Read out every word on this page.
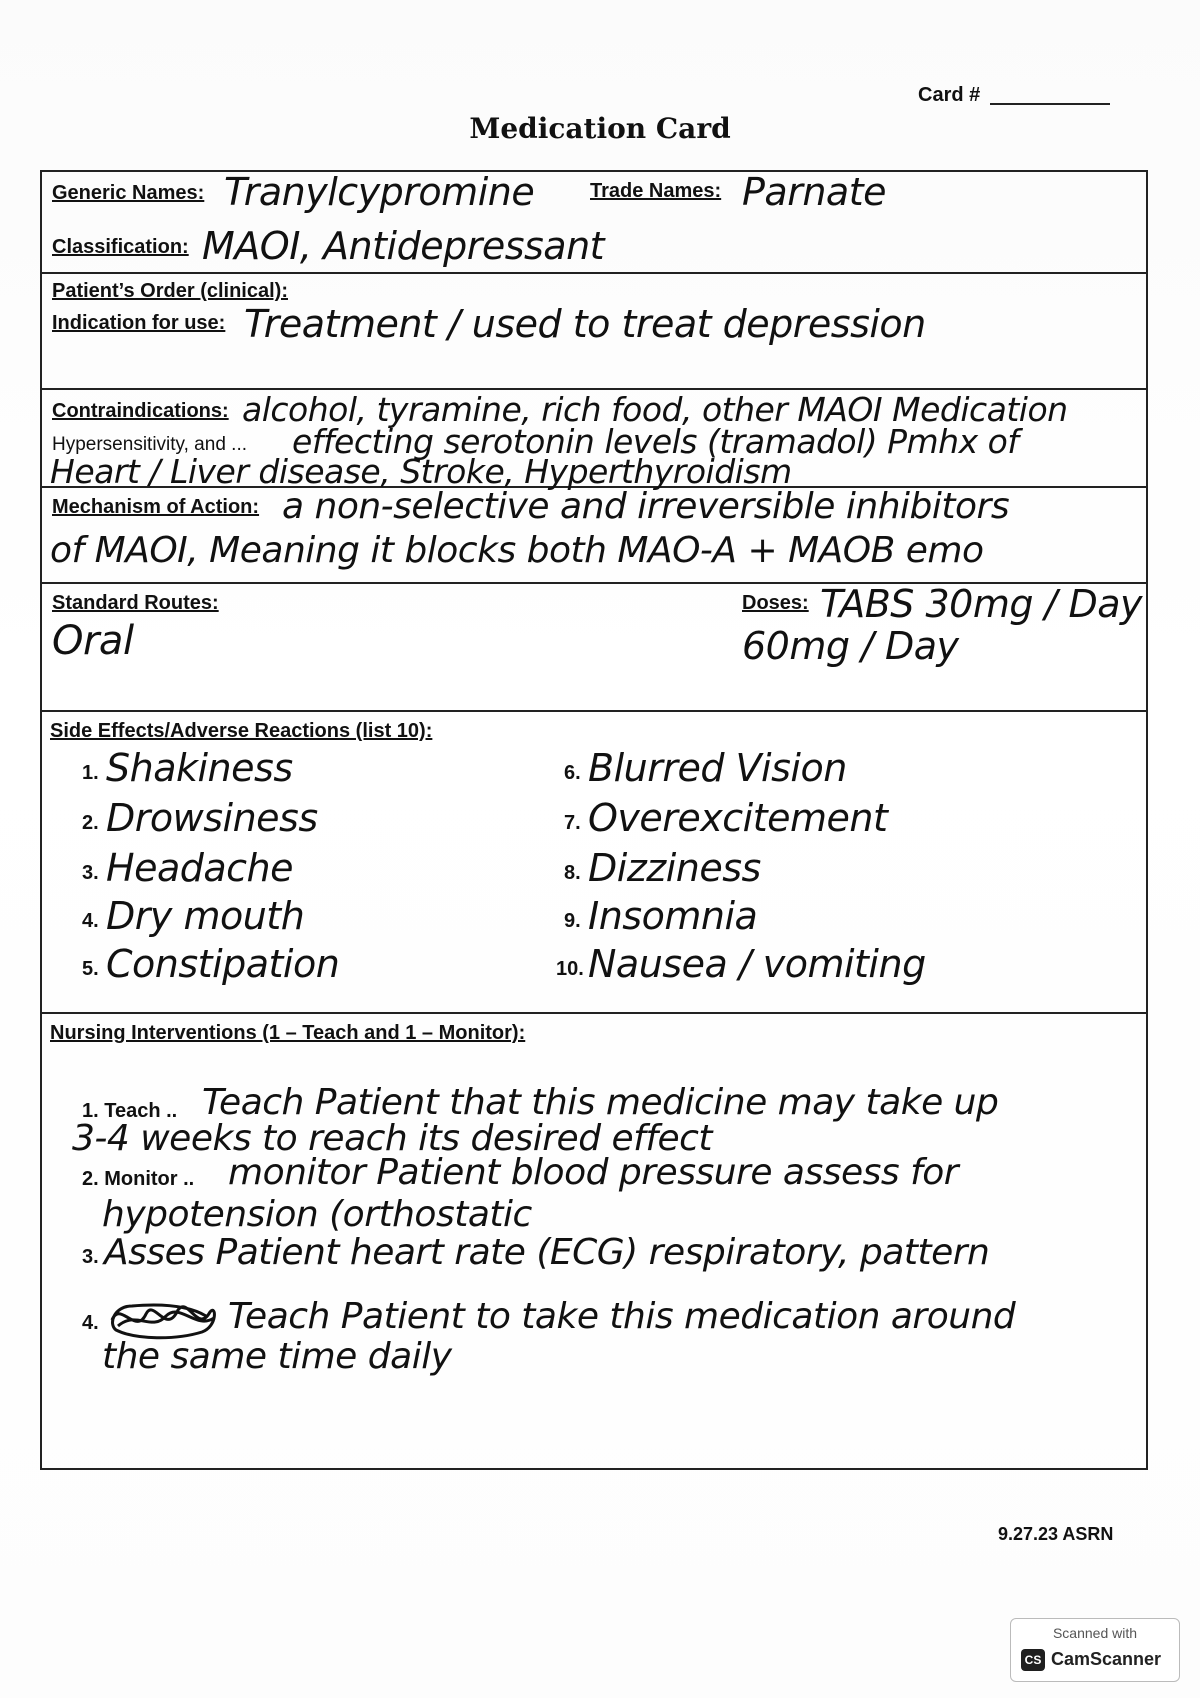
Card #
Medication Card
Generic Names: Tranylcypromine	Trade Names: Parnate
Classification: MAOI, Antidepressant
Patient’s Order (clinical):
Indication for use: Treatment / used to treat depression
Contraindications: alcohol, tyramine, rich food, other MAOI Medication
Hypersensitivity, and ... effecting serotonin levels (tramadol) Pmhx of
Heart / Liver disease, Stroke, Hyperthyroidism
Mechanism of Action: a non-selective and irreversible inhibitors
of MAOI, Meaning it blocks both MAO-A + MAOB emo
Standard Routes:
Oral
Doses: TABS 30mg / Day
60mg / Day
Side Effects/Adverse Reactions (list 10):
1. Shakiness
2. Drowsiness
3. Headache
4. Dry mouth
5. Constipation
6. Blurred Vision
7. Overexcitement
8. Dizziness
9. Insomnia
10. Nausea / vomiting
Nursing Interventions (1 – Teach and 1 – Monitor):
1. Teach .. Teach Patient that this medicine may take up
3-4 weeks to reach its desired effect
2. Monitor .. monitor Patient blood pressure assess for
hypotension (orthostatic
3. Asses Patient heart rate (ECG) respiratory, pattern
4.	Teach Patient to take this medication around
the same time daily
9.27.23 ASRN
Scanned with
CS CamScanner
